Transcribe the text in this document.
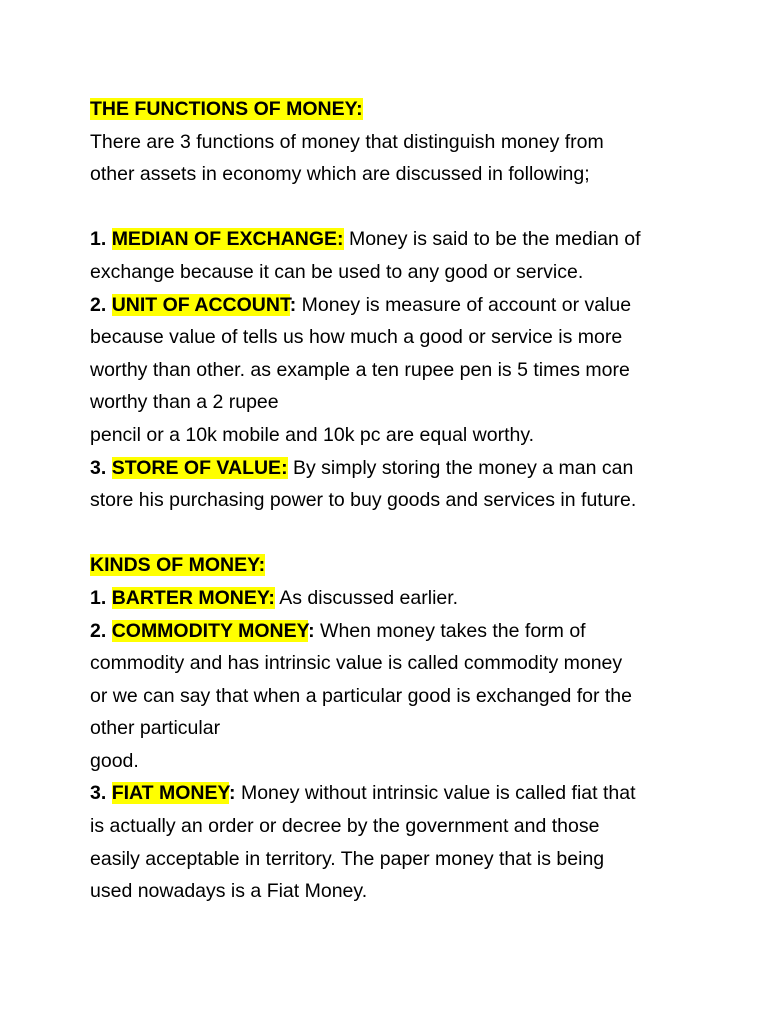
THE FUNCTIONS OF MONEY:
There are 3 functions of money that distinguish money from
other assets in economy which are discussed in following;
1. MEDIAN OF EXCHANGE: Money is said to be the median of
exchange because it can be used to any good or service.
2. UNIT OF ACCOUNT: Money is measure of account or value
because value of tells us how much a good or service is more
worthy than other. as example a ten rupee pen is 5 times more
worthy than a 2 rupee
pencil or a 10k mobile and 10k pc are equal worthy.
3. STORE OF VALUE: By simply storing the money a man can
store his purchasing power to buy goods and services in future.
KINDS OF MONEY:
1. BARTER MONEY: As discussed earlier.
2. COMMODITY MONEY: When money takes the form of
commodity and has intrinsic value is called commodity money
or we can say that when a particular good is exchanged for the
other particular
good.
3. FIAT MONEY: Money without intrinsic value is called fiat that
is actually an order or decree by the government and those
easily acceptable in territory. The paper money that is being
used nowadays is a Fiat Money.
